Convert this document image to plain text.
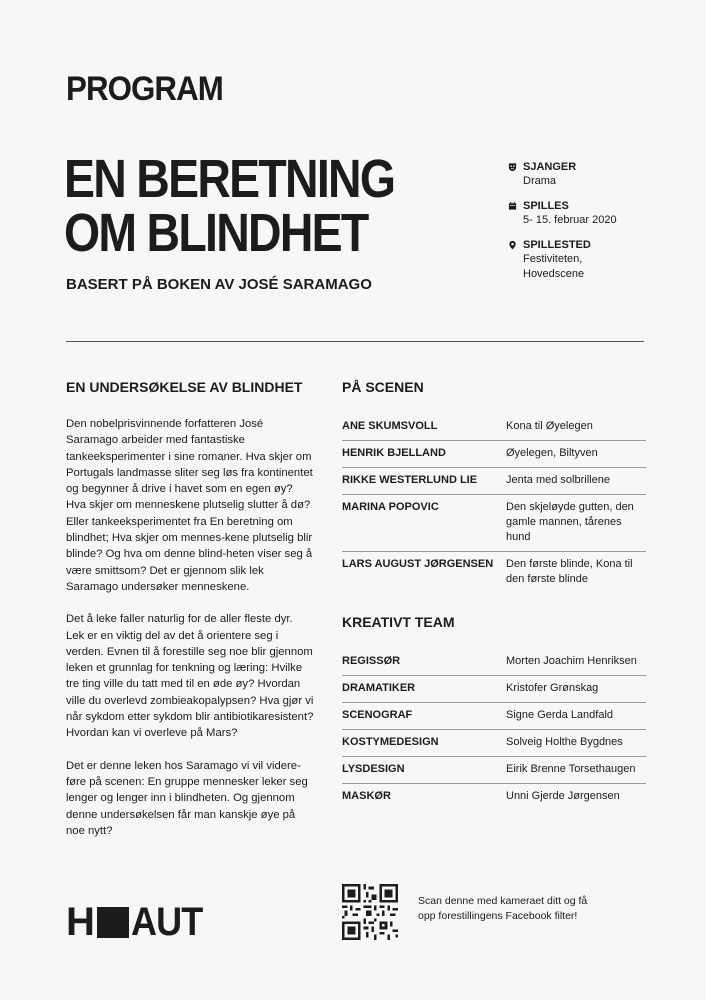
PROGRAM
EN BERETNING
OM BLINDHET
BASERT PÅ BOKEN AV JOSÉ SARAMAGO
SJANGER
Drama
SPILLES
5- 15. februar 2020
SPILLESTED
Festiviteten,
Hovedscene
EN UNDERSØKELSE AV BLINDHET

Den nobelprisvinnende forfatteren José Saramago arbeider med fantastiske tankeeksperimenter i sine romaner. Hva skjer om Portugals landmasse sliter seg løs fra kontinentet og begynner å drive i havet som en egen øy? Hva skjer om menneskene plutselig slutter å dø? Eller tankeeksperimentet fra En beretning om blindhet; Hva skjer om mennes-kene plutselig blir blinde? Og hva om denne blind-heten viser seg å være smittsom? Det er gjennom slik lek Saramago undersøker menneskene.

Det å leke faller naturlig for de aller fleste dyr. Lek er en viktig del av det å orientere seg i verden. Evnen til å forestille seg noe blir gjennom leken et grunnlag for tenkning og læring: Hvilke tre ting ville du tatt med til en øde øy? Hvordan ville du overlevd zombieakopalypsen? Hva gjør vi når sykdom etter sykdom blir antibiotikaresistent? Hvordan kan vi overleve på Mars?

Det er denne leken hos Saramago vi vil videre-føre på scenen: En gruppe mennesker leker seg lenger og lenger inn i blindheten. Og gjennom denne undersøkelsen får man kanskje øye på noe nytt?

PÅ SCENEN
ANE SKUMSVOLL	Kona til Øyelegen
HENRIK BJELLAND	Øyelegen, Biltyven
RIKKE WESTERLUND LIE	Jenta med solbrillene
MARINA POPOVIC	Den skjeløyde gutten, den gamle mannen, tårenes hund
LARS AUGUST JØRGENSEN	Den første blinde, Kona til den første blinde
KREATIVT TEAM
REGISSØR	Morten Joachim Henriksen
DRAMATIKER	Kristofer Grønskag
SCENOGRAF	Signe Gerda Landfald
KOSTYMEDESIGN	Solveig Holthe Bygdnes
LYSDESIGN	Eirik Brenne Torsethaugen
MASKØR	Unni Gjerde Jørgensen
H AUT	Scan denne med kameraet ditt og få opp forestillingens Facebook filter!
